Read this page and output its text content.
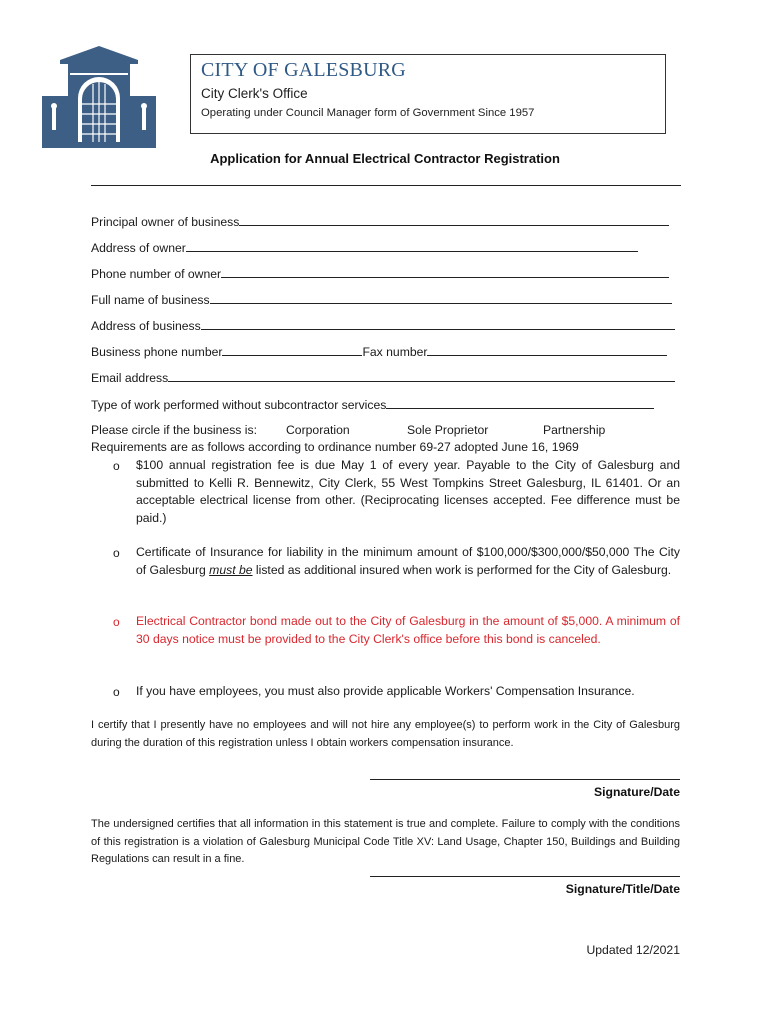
CITY OF GALESBURG
City Clerk's Office
Operating under Council Manager form of Government Since 1957
Application for Annual Electrical Contractor Registration
Principal owner of business
Address of owner
Phone number of owner
Full name of business
Address of business
Business phone number	Fax number
Email address
Type of work performed without subcontractor services
Please circle if the business is: Corporation	Sole Proprietor	Partnership
Requirements are as follows according to ordinance number 69-27 adopted June 16, 1969
o $100 annual registration fee is due May 1 of every year. Payable to the City of Galesburg and submitted to Kelli R. Bennewitz, City Clerk, 55 West Tompkins Street Galesburg, IL 61401. Or an acceptable electrical license from other. (Reciprocating licenses accepted. Fee difference must be paid.)
o Certificate of Insurance for liability in the minimum amount of $100,000/$300,000/$50,000 The City of Galesburg must be listed as additional insured when work is performed for the City of Galesburg.
o Electrical Contractor bond made out to the City of Galesburg in the amount of $5,000. A minimum of 30 days notice must be provided to the City Clerk's office before this bond is canceled.
o If you have employees, you must also provide applicable Workers' Compensation Insurance.
I certify that I presently have no employees and will not hire any employee(s) to perform work in the City of Galesburg during the duration of this registration unless I obtain workers compensation insurance.
Signature/Date
The undersigned certifies that all information in this statement is true and complete. Failure to comply with the conditions of this registration is a violation of Galesburg Municipal Code Title XV: Land Usage, Chapter 150, Buildings and Building Regulations can result in a fine.
Signature/Title/Date
Updated 12/2021
